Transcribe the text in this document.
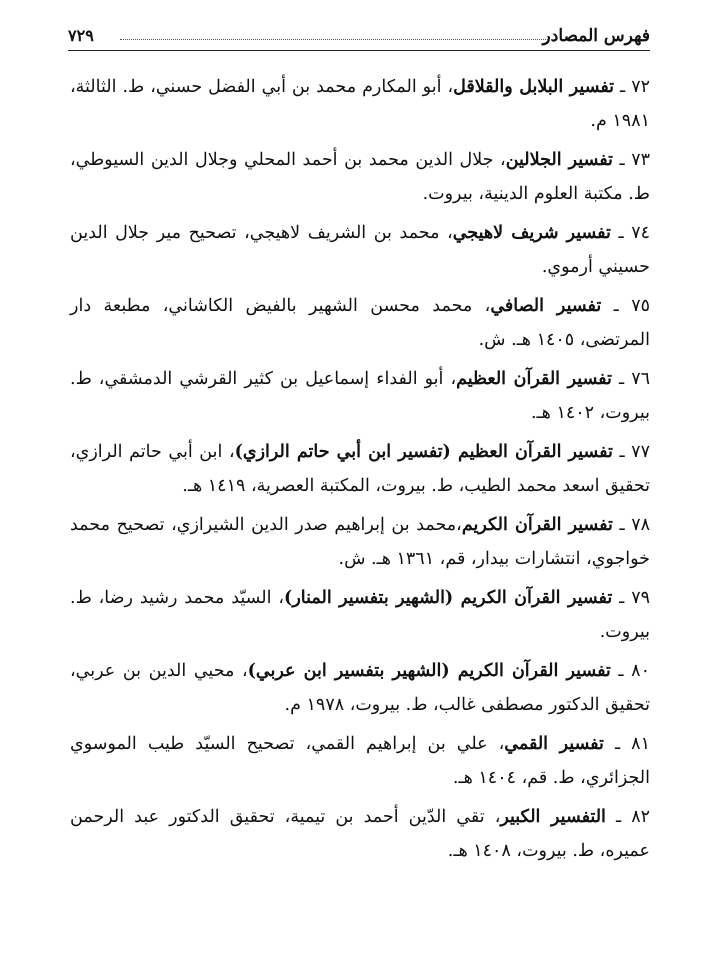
فهرس المصادر
۷۲۹

٧٢ ـ تفسير البلابل والقلاقل، أبو المكارم محمد بن أبي الفضل حسني، ط. الثالثة، ١٩٨١ م.

٧٣ ـ تفسير الجلالين، جلال الدين محمد بن أحمد المحلي وجلال الدين السيوطي، ط. مكتبة العلوم الدينية، بيروت.

٧٤ ـ تفسير شريف لاهيجي، محمد بن الشريف لاهيجي، تصحيح مير جلال الدين حسيني أرموي.

٧٥ ـ تفسير الصافي، محمد محسن الشهير بالفيض الكاشاني، مطبعة دار المرتضى، ١٤٠٥ هـ. ش.

٧٦ ـ تفسير القرآن العظيم، أبو الفداء إسماعيل بن كثير القرشي الدمشقي، ط. بيروت، ١٤٠٢ هـ.

٧٧ ـ تفسير القرآن العظيم (تفسير ابن أبي حاتم الرازي)، ابن أبي حاتم الرازي، تحقيق اسعد محمد الطيب، ط. بيروت، المكتبة العصرية، ١٤١٩ هـ.

٧٨ ـ تفسير القرآن الكريم،محمد بن إبراهيم صدر الدين الشيرازي، تصحيح محمد خواجوي، انتشارات بيدار، قم، ١٣٦١ هـ. ش.

٧٩ ـ تفسير القرآن الكريم (الشهير بتفسير المنار)، السيّد محمد رشيد رضا، ط. بيروت.

٨٠ ـ تفسير القرآن الكريم (الشهير بتفسير ابن عربي)، محيي الدين بن عربي، تحقيق الدكتور مصطفى غالب، ط. بيروت، ١٩٧٨ م.

٨١ ـ تفسير القمي، علي بن إبراهيم القمي، تصحيح السيّد طيب الموسوي الجزائري، ط. قم، ١٤٠٤ هـ.

٨٢ ـ التفسير الكبير، تقي الدّين أحمد بن تيمية، تحقيق الدكتور عبد الرحمن عميره، ط. بيروت، ١٤٠٨ هـ.
